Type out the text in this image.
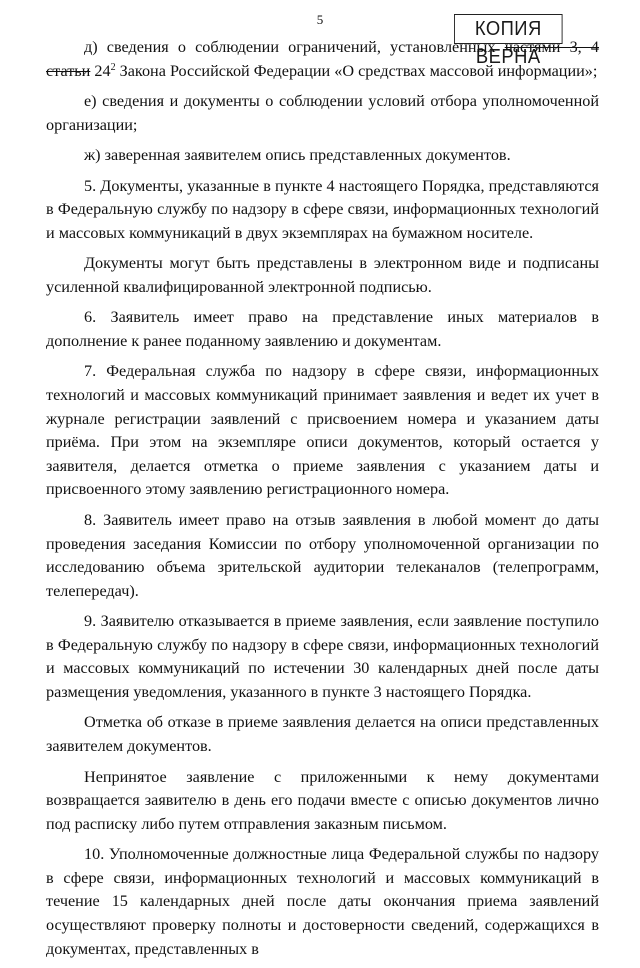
5	КОПИЯ ВЕРНА

д) сведения о соблюдении ограничений, установленных частями 3, 4 статьи $24^2$ Закона Российской Федерации «О средствах массовой информации»;

е) сведения и документы о соблюдении условий отбора уполномоченной организации;

ж) заверенная заявителем опись представленных документов.

5. Документы, указанные в пункте 4 настоящего Порядка, представляются в Федеральную службу по надзору в сфере связи, информационных технологий и массовых коммуникаций в двух экземплярах на бумажном носителе.

Документы могут быть представлены в электронном виде и подписаны усиленной квалифицированной электронной подписью.

6. Заявитель имеет право на представление иных материалов в дополнение к ранее поданному заявлению и документам.

7. Федеральная служба по надзору в сфере связи, информационных технологий и массовых коммуникаций принимает заявления и ведет их учет в журнале регистрации заявлений с присвоением номера и указанием даты приёма. При этом на экземпляре описи документов, который остается у заявителя, делается отметка о приеме заявления с указанием даты и присвоенного этому заявлению регистрационного номера.

8. Заявитель имеет право на отзыв заявления в любой момент до даты проведения заседания Комиссии по отбору уполномоченной организации по исследованию объема зрительской аудитории телеканалов (телепрограмм, телепередач).

9. Заявителю отказывается в приеме заявления, если заявление поступило в Федеральную службу по надзору в сфере связи, информационных технологий и массовых коммуникаций по истечении 30 календарных дней после даты размещения уведомления, указанного в пункте 3 настоящего Порядка.

Отметка об отказе в приеме заявления делается на описи представленных заявителем документов.

Непринятое заявление с приложенными к нему документами возвращается заявителю в день его подачи вместе с описью документов лично под расписку либо путем отправления заказным письмом.

10. Уполномоченные должностные лица Федеральной службы по надзору в сфере связи, информационных технологий и массовых коммуникаций в течение 15 календарных дней после даты окончания приема заявлений осуществляют проверку полноты и достоверности сведений, содержащихся в документах, представленных в
